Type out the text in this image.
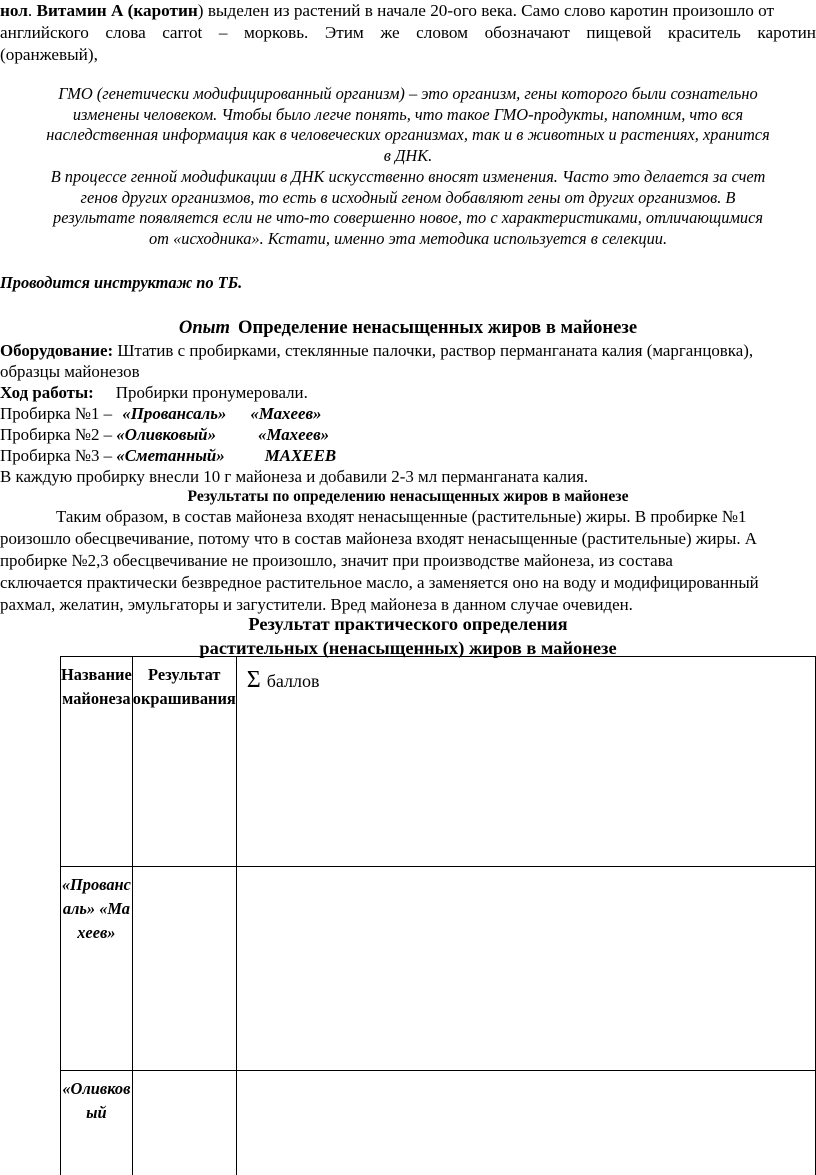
нол. Витамин А (каротин) выделен из растений в начале 20-ого века. Само слово каротин произошло от
английского слова carrot – морковь. Этим же словом обозначают пищевой краситель каротин
(оранжевый),
ГМО (генетически модифицированный организм) – это организм, гены которого были сознательно
изменены человеком. Чтобы было легче понять, что такое ГМО-продукты, напомним, что вся
наследственная информация как в человеческих организмах, так и в животных и растениях, хранится
в ДНК.
В процессе генной модификации в ДНК искусственно вносят изменения. Часто это делается за счет
генов других организмов, то есть в исходный геном добавляют гены от других организмов. В
результате появляется если не что-то совершенно новое, то с характеристиками, отличающимися
от «исходника». Кстати, именно эта методика используется в селекции.
Проводится инструктаж по ТБ.
Опыт Определение ненасыщенных жиров в майонезе
Оборудование: Штатив с пробирками, стеклянные палочки, раствор перманганата калия (марганцовка),
образцы майонезов
Ход работы: Пробирки пронумеровали.
Пробирка №1 – «Провансаль» «Махеев»
Пробирка №2 – «Оливковый» «Махеев»
Пробирка №3 – «Сметанный» МАХЕЕВ
В каждую пробирку внесли 10 г майонеза и добавили 2-3 мл перманганата калия.
Результаты по определению ненасыщенных жиров в майонезе
Таким образом, в состав майонеза входят ненасыщенные (растительные) жиры. В пробирке №1
роизошло обесцвечивание, потому что в состав майонеза входят ненасыщенные (растительные) жиры. А
пробирке №2,3 обесцвечивание не произошло, значит при производстве майонеза, из состава
сключается практически безвредное растительное масло, а заменяется оно на воду и модифицированный
рахмал, желатин, эмульгаторы и загустители. Вред майонеза в данном случае очевиден.
Результат практического определения
растительных (ненасыщенных) жиров в майонезе
Название майонеза	Результат окрашивания	Σ баллов
«Провансаль» «Махеев»		
«Оливковый		
